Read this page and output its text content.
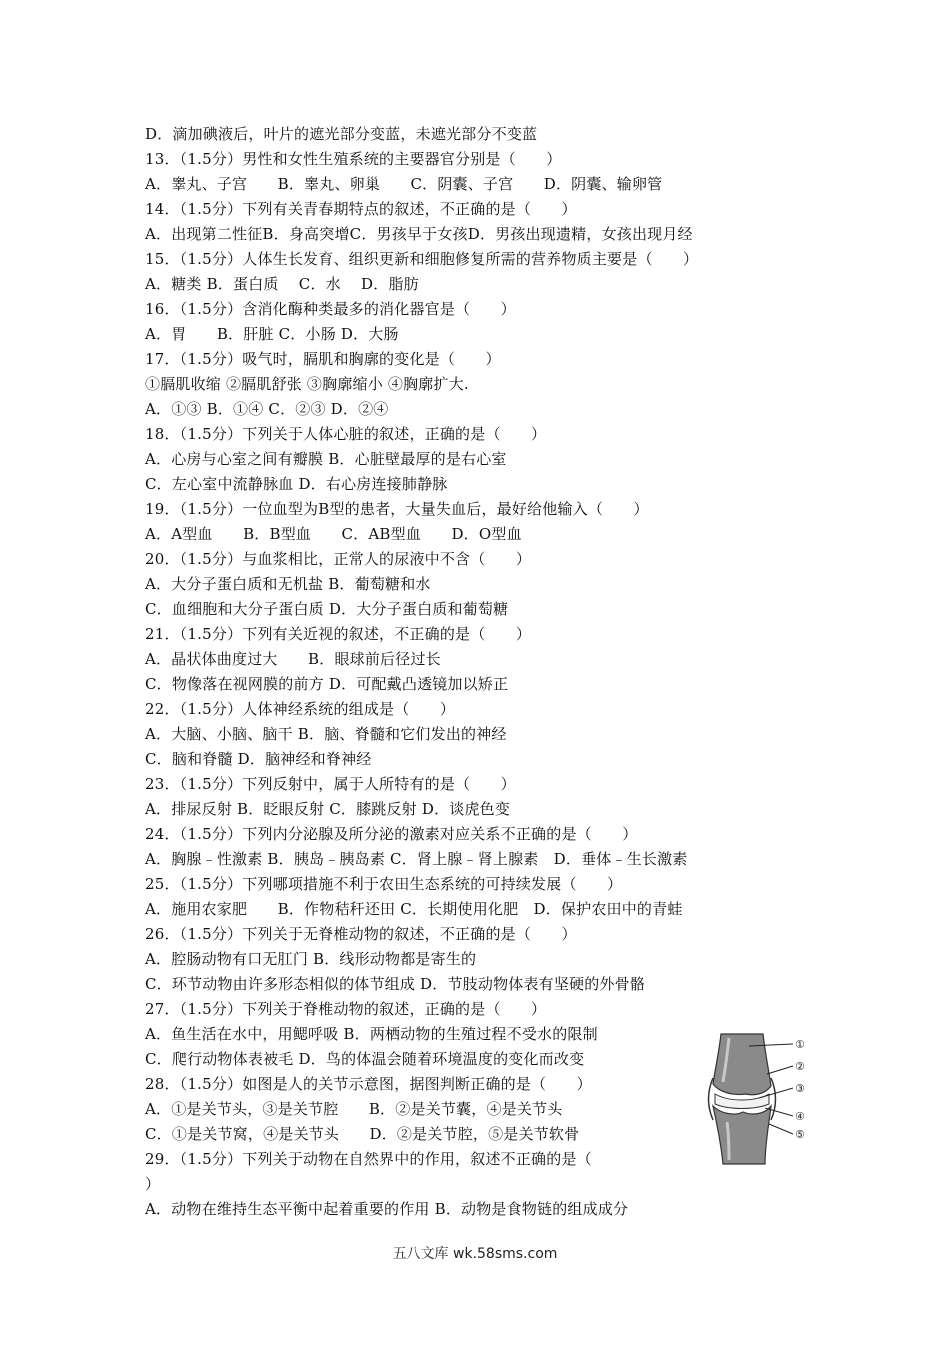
D．滴加碘液后，叶片的遮光部分变蓝，未遮光部分不变蓝
13．（1.5分）男性和女性生殖系统的主要器官分别是（　　）
A．睾丸、子宫　　B．睾丸、卵巢　　C．阴囊、子宫　　D．阴囊、输卵管
14．（1.5分）下列有关青春期特点的叙述，不正确的是（　　）
A．出现第二性征B．身高突增C．男孩早于女孩D．男孩出现遗精，女孩出现月经
15．（1.5分）人体生长发育、组织更新和细胞修复所需的营养物质主要是（　　）
A．糖类 B．蛋白质　 C．水　 D．脂肪
16．（1.5分）含消化酶种类最多的消化器官是（　　）
A．胃　　B．肝脏 C．小肠 D．大肠
17．（1.5分）吸气时，膈肌和胸廓的变化是（　　）
①膈肌收缩 ②膈肌舒张 ③胸廓缩小 ④胸廓扩大.
A．①③ B．①④ C．②③ D．②④
18．（1.5分）下列关于人体心脏的叙述，正确的是（　　）
A．心房与心室之间有瓣膜 B．心脏壁最厚的是右心室
C．左心室中流静脉血 D．右心房连接肺静脉
19．（1.5分）一位血型为B型的患者，大量失血后，最好给他输入（　　）
A．A型血　　B．B型血　　C．AB型血　　D．O型血
20．（1.5分）与血浆相比，正常人的尿液中不含（　　）
A．大分子蛋白质和无机盐 B．葡萄糖和水
C．血细胞和大分子蛋白质 D．大分子蛋白质和葡萄糖
21．（1.5分）下列有关近视的叙述，不正确的是（　　）
A．晶状体曲度过大　　B．眼球前后径过长
C．物像落在视网膜的前方 D．可配戴凸透镜加以矫正
22．（1.5分）人体神经系统的组成是（　　）
A．大脑、小脑、脑干 B．脑、脊髓和它们发出的神经
C．脑和脊髓 D．脑神经和脊神经
23．（1.5分）下列反射中，属于人所特有的是（　　）
A．排尿反射 B．眨眼反射 C．膝跳反射 D．谈虎色变
24．（1.5分）下列内分泌腺及所分泌的激素对应关系不正确的是（　　）
A．胸腺﹣性激素 B．胰岛﹣胰岛素 C．肾上腺﹣肾上腺素　D．垂体﹣生长激素
25．（1.5分）下列哪项措施不利于农田生态系统的可持续发展（　　）
A．施用农家肥　　B．作物秸秆还田 C．长期使用化肥　D．保护农田中的青蛙
26．（1.5分）下列关于无脊椎动物的叙述，不正确的是（　　）
A．腔肠动物有口无肛门 B．线形动物都是寄生的
C．环节动物由许多形态相似的体节组成 D．节肢动物体表有坚硬的外骨骼
27．（1.5分）下列关于脊椎动物的叙述，正确的是（　　）
A．鱼生活在水中，用鳃呼吸 B．两栖动物的生殖过程不受水的限制
C．爬行动物体表被毛 D．鸟的体温会随着环境温度的变化而改变
28．（1.5分）如图是人的关节示意图，据图判断正确的是（　　）
A．①是关节头，③是关节腔　　B．②是关节囊，④是关节头
C．①是关节窝，④是关节头　　D．②是关节腔，⑤是关节软骨
29．（1.5分）下列关于动物在自然界中的作用，叙述不正确的是（
）
A．动物在维持生态平衡中起着重要的作用 B．动物是食物链的组成成分
①
②
③
④
⑤
五八文库 wk.58sms.com
